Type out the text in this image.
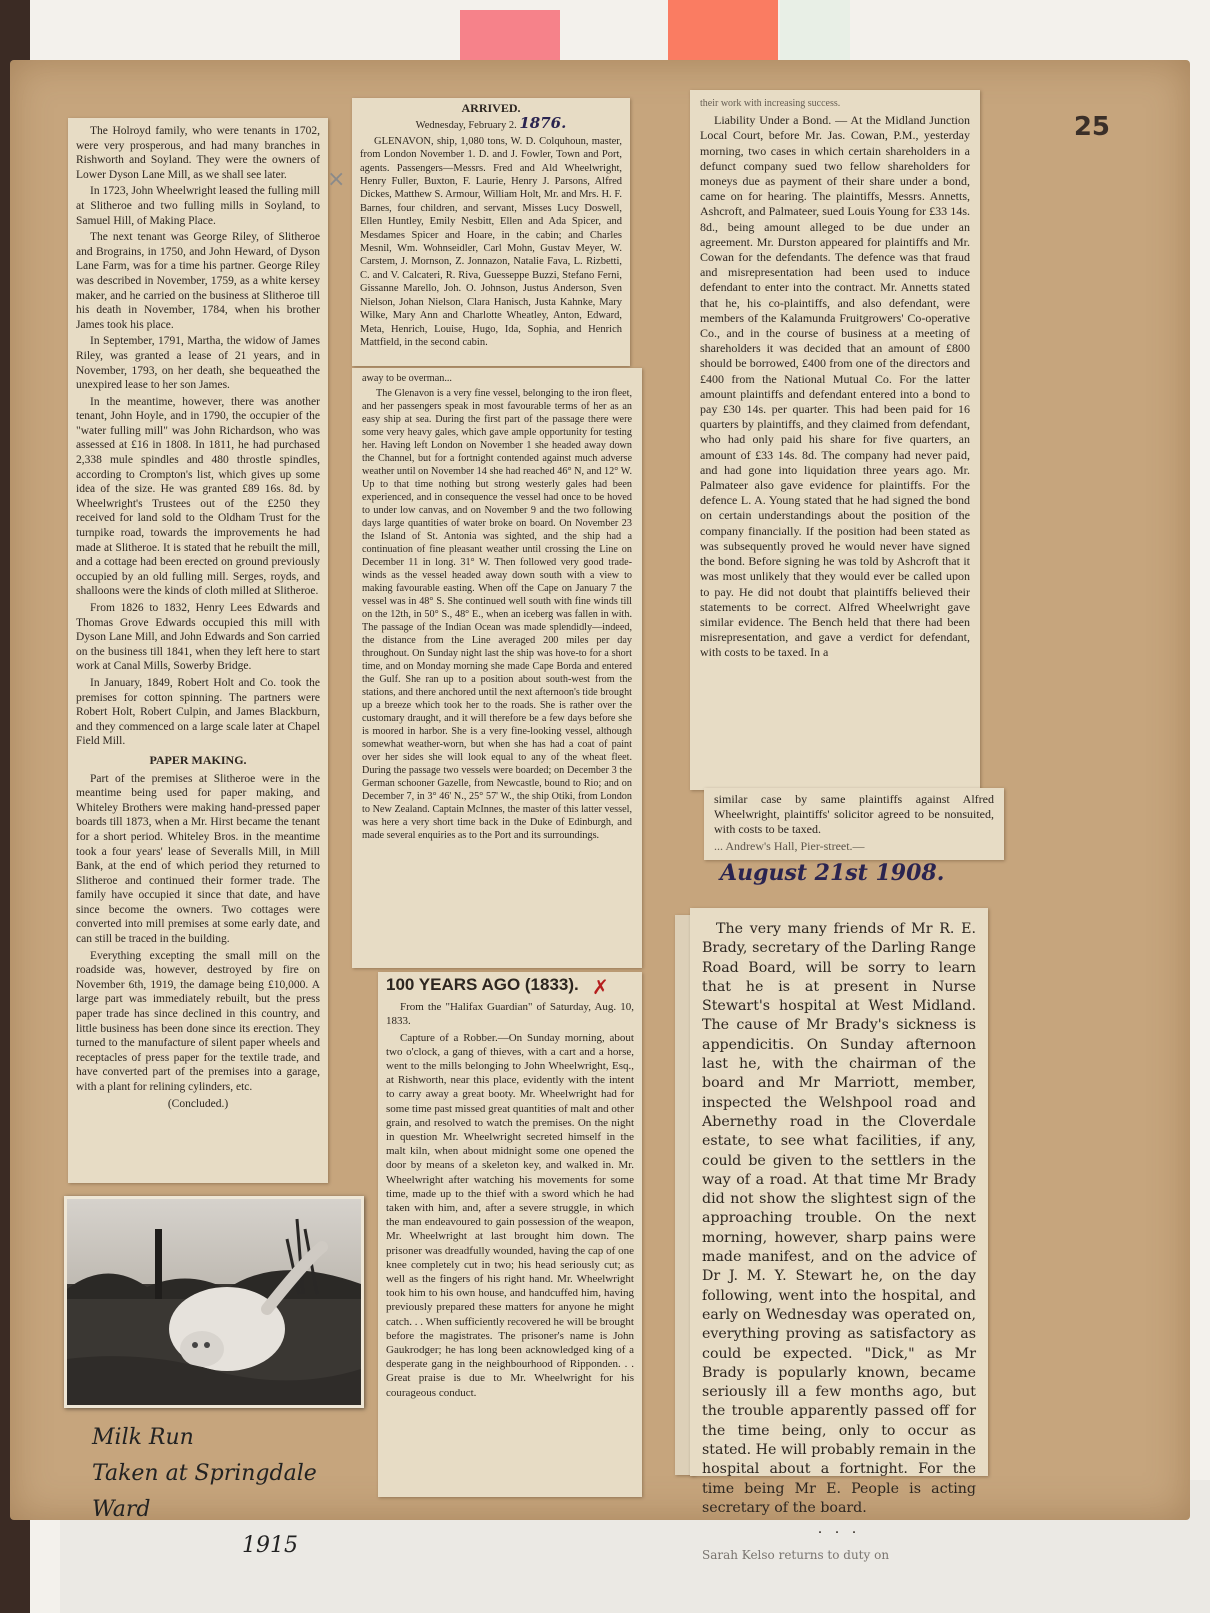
25

The Holroyd family, who were tenants in 1702, were very prosperous, and had many branches in Rishworth and Soyland. They were the owners of Lower Dyson Lane Mill, as we shall see later.

In 1723, John Wheelwright leased the fulling mill at Slitheroe and two fulling mills in Soyland, to Samuel Hill, of Making Place.

The next tenant was George Riley, of Slitheroe and Brograins, in 1750, and John Heward, of Dyson Lane Farm, was for a time his partner. George Riley was described in November, 1759, as a white kersey maker, and he carried on the business at Slitheroe till his death in November, 1784, when his brother James took his place.

In September, 1791, Martha, the widow of James Riley, was granted a lease of 21 years, and in November, 1793, on her death, she bequeathed the unexpired lease to her son James.

In the meantime, however, there was another tenant, John Hoyle, and in 1790, the occupier of the "water fulling mill" was John Richardson, who was assessed at £16 in 1808. In 1811, he had purchased 2,338 mule spindles and 480 throstle spindles, according to Crompton's list, which gives up some idea of the size. He was granted £89 16s. 8d. by Wheelwright's Trustees out of the £250 they received for land sold to the Oldham Trust for the turnpike road, towards the improvements he had made at Slitheroe. It is stated that he rebuilt the mill, and a cottage had been erected on ground previously occupied by an old fulling mill. Serges, royds, and shalloons were the kinds of cloth milled at Slitheroe.

From 1826 to 1832, Henry Lees Edwards and Thomas Grove Edwards occupied this mill with Dyson Lane Mill, and John Edwards and Son carried on the business till 1841, when they left here to start work at Canal Mills, Sowerby Bridge.

In January, 1849, Robert Holt and Co. took the premises for cotton spinning. The partners were Robert Holt, Robert Culpin, and James Blackburn, and they commenced on a large scale later at Chapel Field Mill.

PAPER MAKING.

Part of the premises at Slitheroe were in the meantime being used for paper making, and Whiteley Brothers were making hand-pressed paper boards till 1873, when a Mr. Hirst became the tenant for a short period. Whiteley Bros. in the meantime took a four years' lease of Severalls Mill, in Mill Bank, at the end of which period they returned to Slitheroe and continued their former trade. The family have occupied it since that date, and have since become the owners. Two cottages were converted into mill premises at some early date, and can still be traced in the building.

Everything excepting the small mill on the roadside was, however, destroyed by fire on November 6th, 1919, the damage being £10,000. A large part was immediately rebuilt, but the press paper trade has since declined in this country, and little business has been done since its erection. They turned to the manufacture of silent paper wheels and receptacles of press paper for the textile trade, and have converted part of the premises into a garage, with a plant for relining cylinders, etc.

(Concluded.)

×

ARRIVED.

Wednesday, February 2. 1876.

GLENAVON, ship, 1,080 tons, W. D. Colquhoun, master, from London November 1. D. and J. Fowler, Town and Port, agents. Passengers—Messrs. Fred and Ald Wheelwright, Henry Fuller, Buxton, F. Laurie, Henry J. Parsons, Alfred Dickes, Matthew S. Armour, William Holt, Mr. and Mrs. H. F. Barnes, four children, and servant, Misses Lucy Doswell, Ellen Huntley, Emily Nesbitt, Ellen and Ada Spicer, and Mesdames Spicer and Hoare, in the cabin; and Charles Mesnil, Wm. Wohnseidler, Carl Mohn, Gustav Meyer, W. Carstem, J. Mornson, Z. Jonnazon, Natalie Fava, L. Rizbetti, C. and V. Calcateri, R. Riva, Guesseppe Buzzi, Stefano Ferni, Gissanne Marello, Joh. O. Johnson, Justus Anderson, Sven Nielson, Johan Nielson, Clara Hanisch, Justa Kahnke, Mary Wilke, Mary Ann and Charlotte Wheatley, Anton, Edward, Meta, Henrich, Louise, Hugo, Ida, Sophia, and Henrich Mattfield, in the second cabin.

away to be overman...

The Glenavon is a very fine vessel, belonging to the iron fleet, and her passengers speak in most favourable terms of her as an easy ship at sea. During the first part of the passage there were some very heavy gales, which gave ample opportunity for testing her. Having left London on November 1 she headed away down the Channel, but for a fortnight contended against much adverse weather until on November 14 she had reached 46° N, and 12° W. Up to that time nothing but strong westerly gales had been experienced, and in consequence the vessel had once to be hoved to under low canvas, and on November 9 and the two following days large quantities of water broke on board. On November 23 the Island of St. Antonia was sighted, and the ship had a continuation of fine pleasant weather until crossing the Line on December 11 in long. 31° W. Then followed very good trade-winds as the vessel headed away down south with a view to making favourable easting. When off the Cape on January 7 the vessel was in 48° S. She continued well south with fine winds till on the 12th, in 50° S., 48° E., when an iceberg was fallen in with. The passage of the Indian Ocean was made splendidly—indeed, the distance from the Line averaged 200 miles per day throughout. On Sunday night last the ship was hove-to for a short time, and on Monday morning she made Cape Borda and entered the Gulf. She ran up to a position about south-west from the stations, and there anchored until the next afternoon's tide brought up a breeze which took her to the roads. She is rather over the customary draught, and it will therefore be a few days before she is moored in harbor. She is a very fine-looking vessel, although somewhat weather-worn, but when she has had a coat of paint over her sides she will look equal to any of the wheat fleet. During the passage two vessels were boarded; on December 3 the German schooner Gazelle, from Newcastle, bound to Rio; and on December 7, in 3° 46' N., 25° 57' W., the ship Otiki, from London to New Zealand. Captain McInnes, the master of this latter vessel, was here a very short time back in the Duke of Edinburgh, and made several enquiries as to the Port and its surroundings.

100 YEARS AGO (1833).

From the "Halifax Guardian" of Saturday, Aug. 10, 1833.

Capture of a Robber.—On Sunday morning, about two o'clock, a gang of thieves, with a cart and a horse, went to the mills belonging to John Wheelwright, Esq., at Rishworth, near this place, evidently with the intent to carry away a great booty. Mr. Wheelwright had for some time past missed great quantities of malt and other grain, and resolved to watch the premises. On the night in question Mr. Wheelwright secreted himself in the malt kiln, when about midnight some one opened the door by means of a skeleton key, and walked in. Mr. Wheelwright after watching his movements for some time, made up to the thief with a sword which he had taken with him, and, after a severe struggle, in which the man endeavoured to gain possession of the weapon, Mr. Wheelwright at last brought him down. The prisoner was dreadfully wounded, having the cap of one knee completely cut in two; his head seriously cut; as well as the fingers of his right hand. Mr. Wheelwright took him to his own house, and handcuffed him, having previously prepared these matters for anyone he might catch. . . When sufficiently recovered he will be brought before the magistrates. The prisoner's name is John Gaukrodger; he has long been acknowledged king of a desperate gang in the neighbourhood of Ripponden. . . Great praise is due to Mr. Wheelwright for his courageous conduct.

✗

their work with increasing success.

Liability Under a Bond. — At the Midland Junction Local Court, before Mr. Jas. Cowan, P.M., yesterday morning, two cases in which certain shareholders in a defunct company sued two fellow shareholders for moneys due as payment of their share under a bond, came on for hearing. The plaintiffs, Messrs. Annetts, Ashcroft, and Palmateer, sued Louis Young for £33 14s. 8d., being amount alleged to be due under an agreement. Mr. Durston appeared for plaintiffs and Mr. Cowan for the defendants. The defence was that fraud and misrepresentation had been used to induce defendant to enter into the contract. Mr. Annetts stated that he, his co-plaintiffs, and also defendant, were members of the Kalamunda Fruitgrowers' Co-operative Co., and in the course of business at a meeting of shareholders it was decided that an amount of £800 should be borrowed, £400 from one of the directors and £400 from the National Mutual Co. For the latter amount plaintiffs and defendant entered into a bond to pay £30 14s. per quarter. This had been paid for 16 quarters by plaintiffs, and they claimed from defendant, who had only paid his share for five quarters, an amount of £33 14s. 8d. The company had never paid, and had gone into liquidation three years ago. Mr. Palmateer also gave evidence for plaintiffs. For the defence L. A. Young stated that he had signed the bond on certain understandings about the position of the company financially. If the position had been stated as was subsequently proved he would never have signed the bond. Before signing he was told by Ashcroft that it was most unlikely that they would ever be called upon to pay. He did not doubt that plaintiffs believed their statements to be correct. Alfred Wheelwright gave similar evidence. The Bench held that there had been misrepresentation, and gave a verdict for defendant, with costs to be taxed. In a

similar case by same plaintiffs against Alfred Wheelwright, plaintiffs' solicitor agreed to be nonsuited, with costs to be taxed.

... Andrew's Hall, Pier-street.—

August 21st 1908.

The very many friends of Mr R. E. Brady, secretary of the Darling Range Road Board, will be sorry to learn that he is at present in Nurse Stewart's hospital at West Midland. The cause of Mr Brady's sickness is appendicitis. On Sunday afternoon last he, with the chairman of the board and Mr Marriott, member, inspected the Welshpool road and Abernethy road in the Cloverdale estate, to see what facilities, if any, could be given to the settlers in the way of a road. At that time Mr Brady did not show the slightest sign of the approaching trouble. On the next morning, however, sharp pains were made manifest, and on the advice of Dr J. M. Y. Stewart he, on the day following, went into the hospital, and early on Wednesday was operated on, everything proving as satisfactory as could be expected. "Dick," as Mr Brady is popularly known, became seriously ill a few months ago, but the trouble apparently passed off for the time being, only to occur as stated. He will probably remain in the hospital about a fortnight. For the time being Mr E. People is acting secretary of the board.

. . .

Sarah Kelso returns to duty on

Milk Run
Taken at Springdale Ward
1915
